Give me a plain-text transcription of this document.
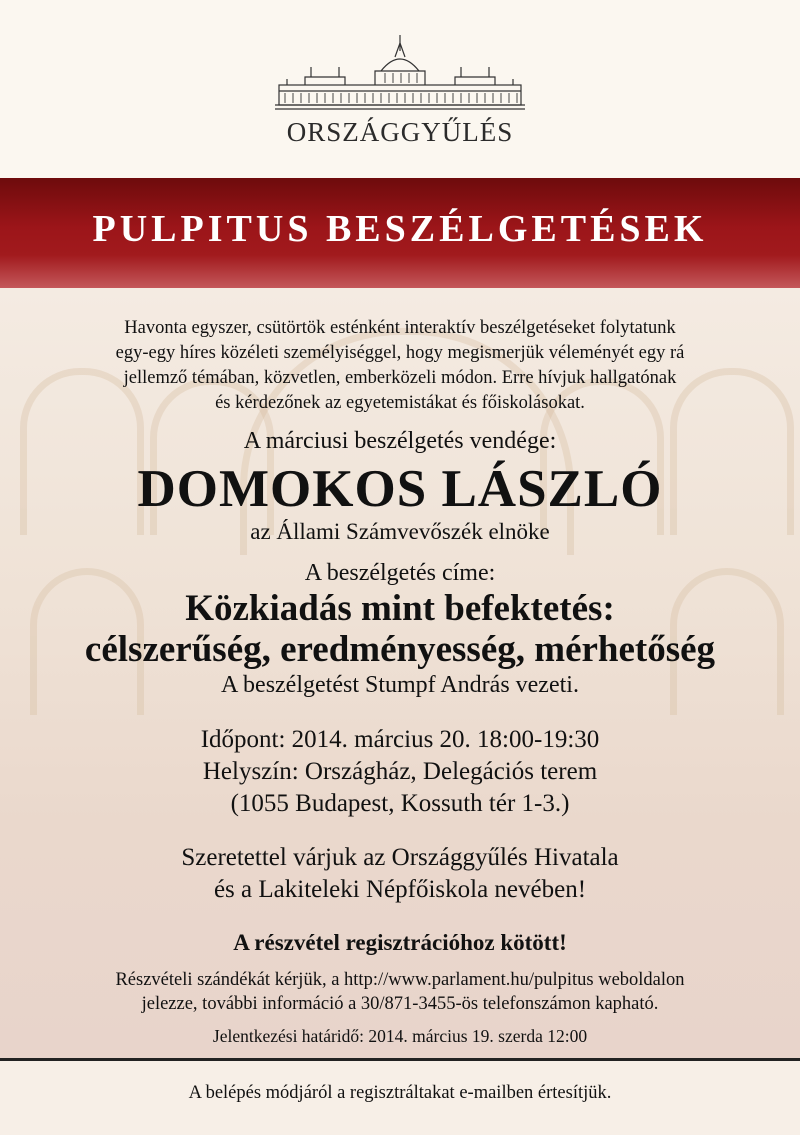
ORSZÁGGYŰLÉS
PULPITUS BESZÉLGETÉSEK
Havonta egyszer, csütörtök esténként interaktív beszélgetéseket folytatunk
egy-egy híres közéleti személyiséggel, hogy megismerjük véleményét egy rá
jellemző témában, közvetlen, emberközeli módon. Erre hívjuk hallgatónak
és kérdezőnek az egyetemistákat és főiskolásokat.
A márciusi beszélgetés vendége:
DOMOKOS LÁSZLÓ
az Állami Számvevőszék elnöke
A beszélgetés címe:
Közkiadás mint befektetés:
célszerűség, eredményesség, mérhetőség
A beszélgetést Stumpf András vezeti.
Időpont: 2014. március 20. 18:00-19:30
Helyszín: Országház, Delegációs terem
(1055 Budapest, Kossuth tér 1-3.)
Szeretettel várjuk az Országgyűlés Hivatala
és a Lakiteleki Népfőiskola nevében!
A részvétel regisztrációhoz kötött!
Részvételi szándékát kérjük, a http://www.parlament.hu/pulpitus weboldalon
jelezze, további információ a 30/871-3455-ös telefonszámon kapható.
Jelentkezési határidő: 2014. március 19. szerda 12:00
A belépés módjáról a regisztráltakat e-mailben értesítjük.
